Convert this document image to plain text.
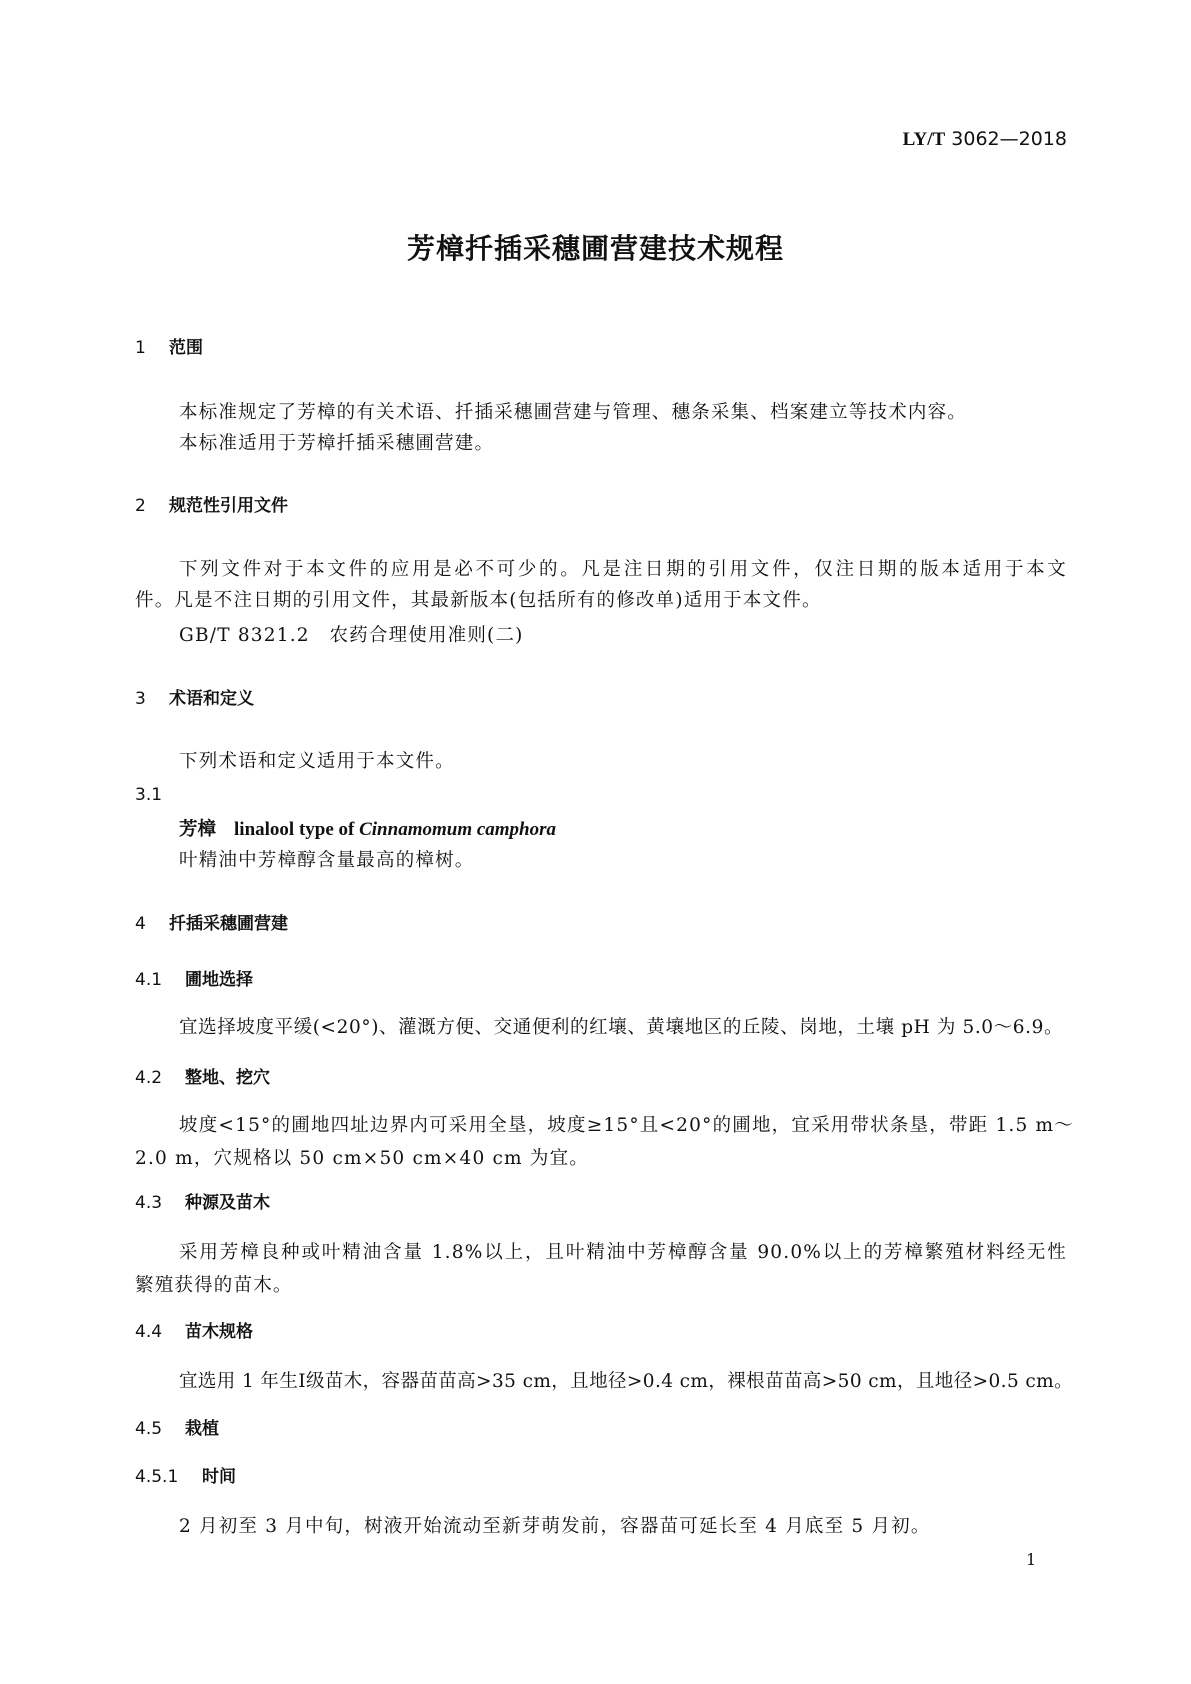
LY/T 3062—2018
芳樟扦插采穗圃营建技术规程
1 范围
本标准规定了芳樟的有关术语、扦插采穗圃营建与管理、穗条采集、档案建立等技术内容。
本标准适用于芳樟扦插采穗圃营建。
2 规范性引用文件
下列文件对于本文件的应用是必不可少的。凡是注日期的引用文件，仅注日期的版本适用于本文
件。凡是不注日期的引用文件，其最新版本(包括所有的修改单)适用于本文件。
GB/T 8321.2　农药合理使用准则(二)
3 术语和定义
下列术语和定义适用于本文件。
3.1
芳樟 linalool type of Cinnamomum camphora
叶精油中芳樟醇含量最高的樟树。
4 扦插采穗圃营建
4.1 圃地选择
宜选择坡度平缓(<20°)、灌溉方便、交通便利的红壤、黄壤地区的丘陵、岗地，土壤 pH 为 5.0～6.9。
4.2 整地、挖穴
坡度<15°的圃地四址边界内可采用全垦，坡度≥15°且<20°的圃地，宜采用带状条垦，带距 1.5 m～
2.0 m，穴规格以 50 cm×50 cm×40 cm 为宜。
4.3 种源及苗木
采用芳樟良种或叶精油含量 1.8%以上，且叶精油中芳樟醇含量 90.0%以上的芳樟繁殖材料经无性
繁殖获得的苗木。
4.4 苗木规格
宜选用 1 年生Ⅰ级苗木，容器苗苗高>35 cm，且地径>0.4 cm，裸根苗苗高>50 cm，且地径>0.5 cm。
4.5 栽植
4.5.1 时间
2 月初至 3 月中旬，树液开始流动至新芽萌发前，容器苗可延长至 4 月底至 5 月初。
1
